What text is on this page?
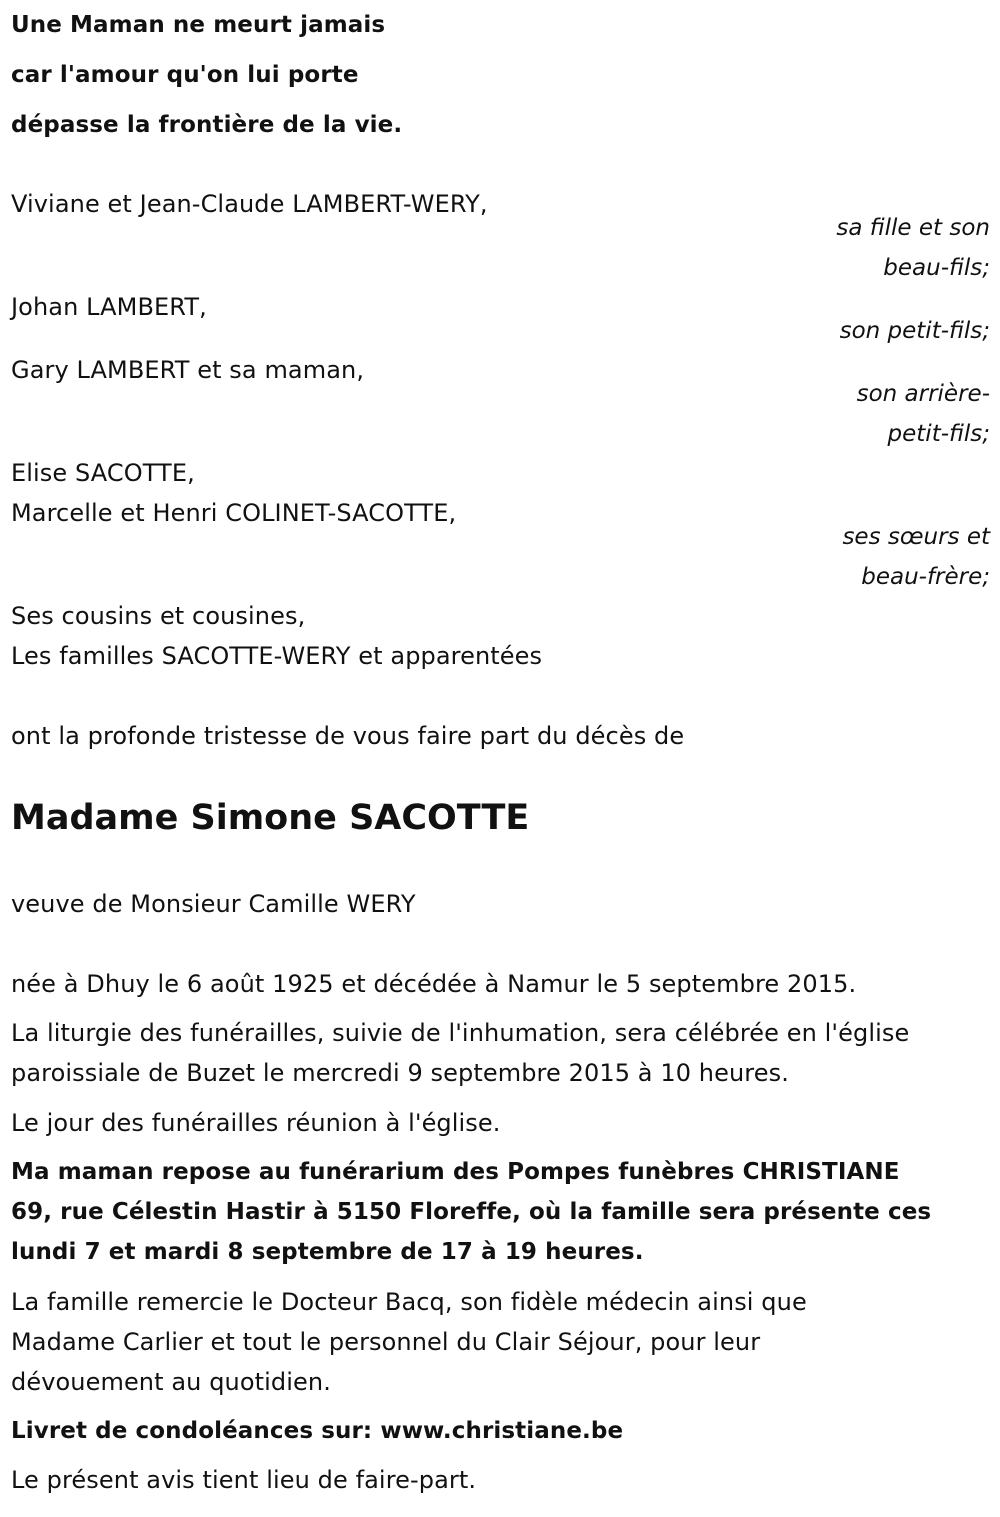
Une Maman ne meurt jamais
car l'amour qu'on lui porte
dépasse la frontière de la vie.
Viviane et Jean-Claude LAMBERT-WERY,
sa fille et son
beau-fils;
Johan LAMBERT,
son petit-fils;
Gary LAMBERT et sa maman,
son arrière-
petit-fils;
Elise SACOTTE,
Marcelle et Henri COLINET-SACOTTE,
ses sœurs et
beau-frère;
Ses cousins et cousines,
Les familles SACOTTE-WERY et apparentées
ont la profonde tristesse de vous faire part du décès de
Madame Simone SACOTTE
veuve de Monsieur Camille WERY
née à Dhuy le 6 août 1925 et décédée à Namur le 5 septembre 2015.
La liturgie des funérailles, suivie de l'inhumation, sera célébrée en l'église
paroissiale de Buzet le mercredi 9 septembre 2015 à 10 heures.
Le jour des funérailles réunion à l'église.
Ma maman repose au funérarium des Pompes funèbres CHRISTIANE
69, rue Célestin Hastir à 5150 Floreffe, où la famille sera présente ces
lundi 7 et mardi 8 septembre de 17 à 19 heures.
La famille remercie le Docteur Bacq, son fidèle médecin ainsi que
Madame Carlier et tout le personnel du Clair Séjour, pour leur
dévouement au quotidien.
Livret de condoléances sur: www.christiane.be
Le présent avis tient lieu de faire-part.
